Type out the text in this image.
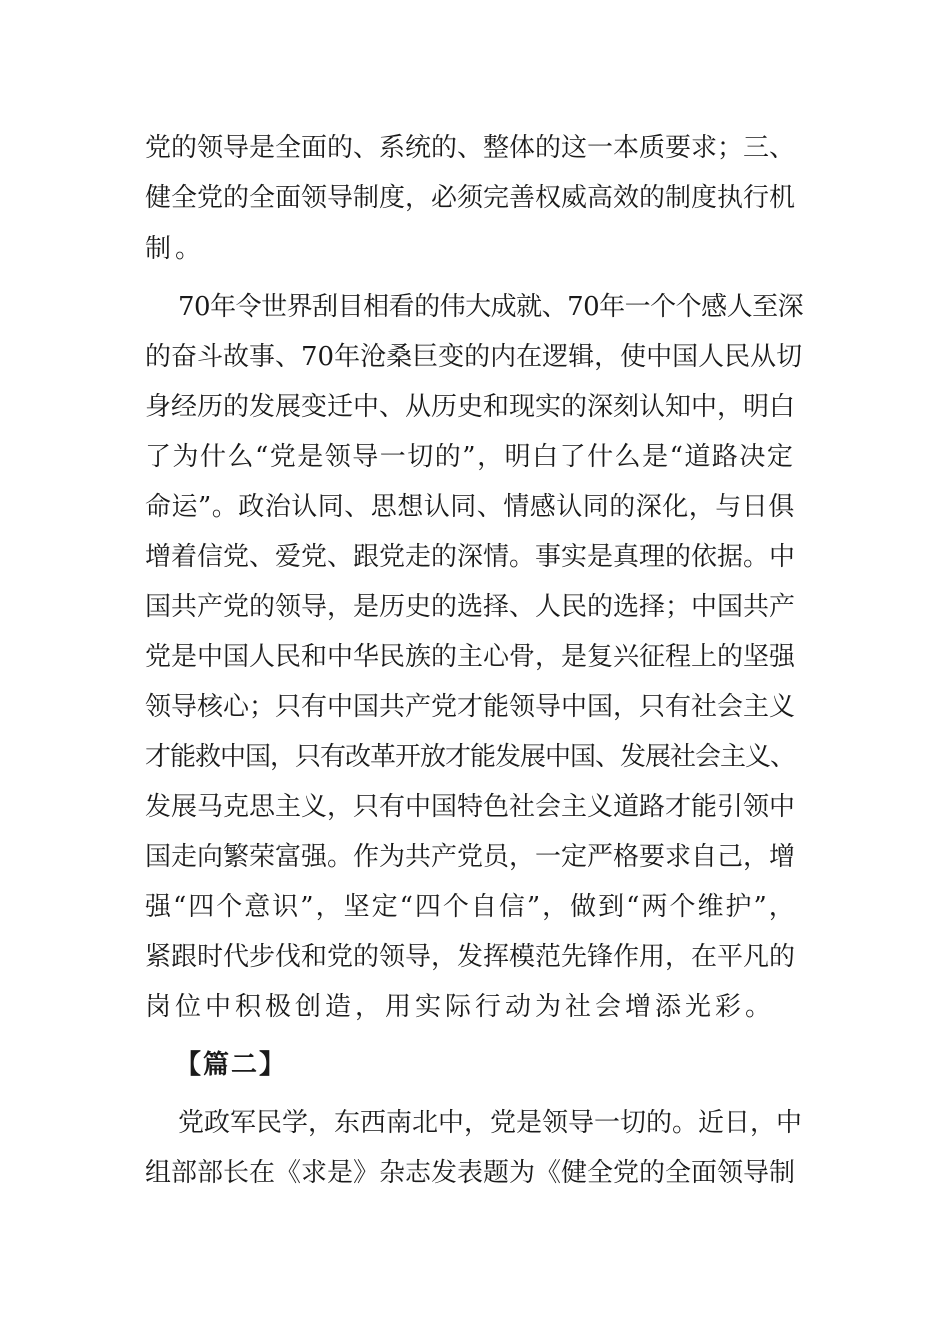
党的领导是全面的、系统的、整体的这一本质要求；三、
健全党的全面领导制度，必须完善权威高效的制度执行机
制。
70年令世界刮目相看的伟大成就、70年一个个感人至深
的奋斗故事、70年沧桑巨变的内在逻辑，使中国人民从切
身经历的发展变迁中、从历史和现实的深刻认知中，明白
了为什么“党是领导一切的”，明白了什么是“道路决定
命运”。政治认同、思想认同、情感认同的深化，与日俱
增着信党、爱党、跟党走的深情。事实是真理的依据。中
国共产党的领导，是历史的选择、人民的选择；中国共产
党是中国人民和中华民族的主心骨，是复兴征程上的坚强
领导核心；只有中国共产党才能领导中国，只有社会主义
才能救中国，只有改革开放才能发展中国、发展社会主义、
发展马克思主义，只有中国特色社会主义道路才能引领中
国走向繁荣富强。作为共产党员，一定严格要求自己，增
强“四个意识”，坚定“四个自信”，做到“两个维护”，
紧跟时代步伐和党的领导，发挥模范先锋作用，在平凡的
岗位中积极创造，用实际行动为社会增添光彩。
【篇二】
党政军民学，东西南北中，党是领导一切的。近日，中
组部部长在《求是》杂志发表题为《健全党的全面领导制
